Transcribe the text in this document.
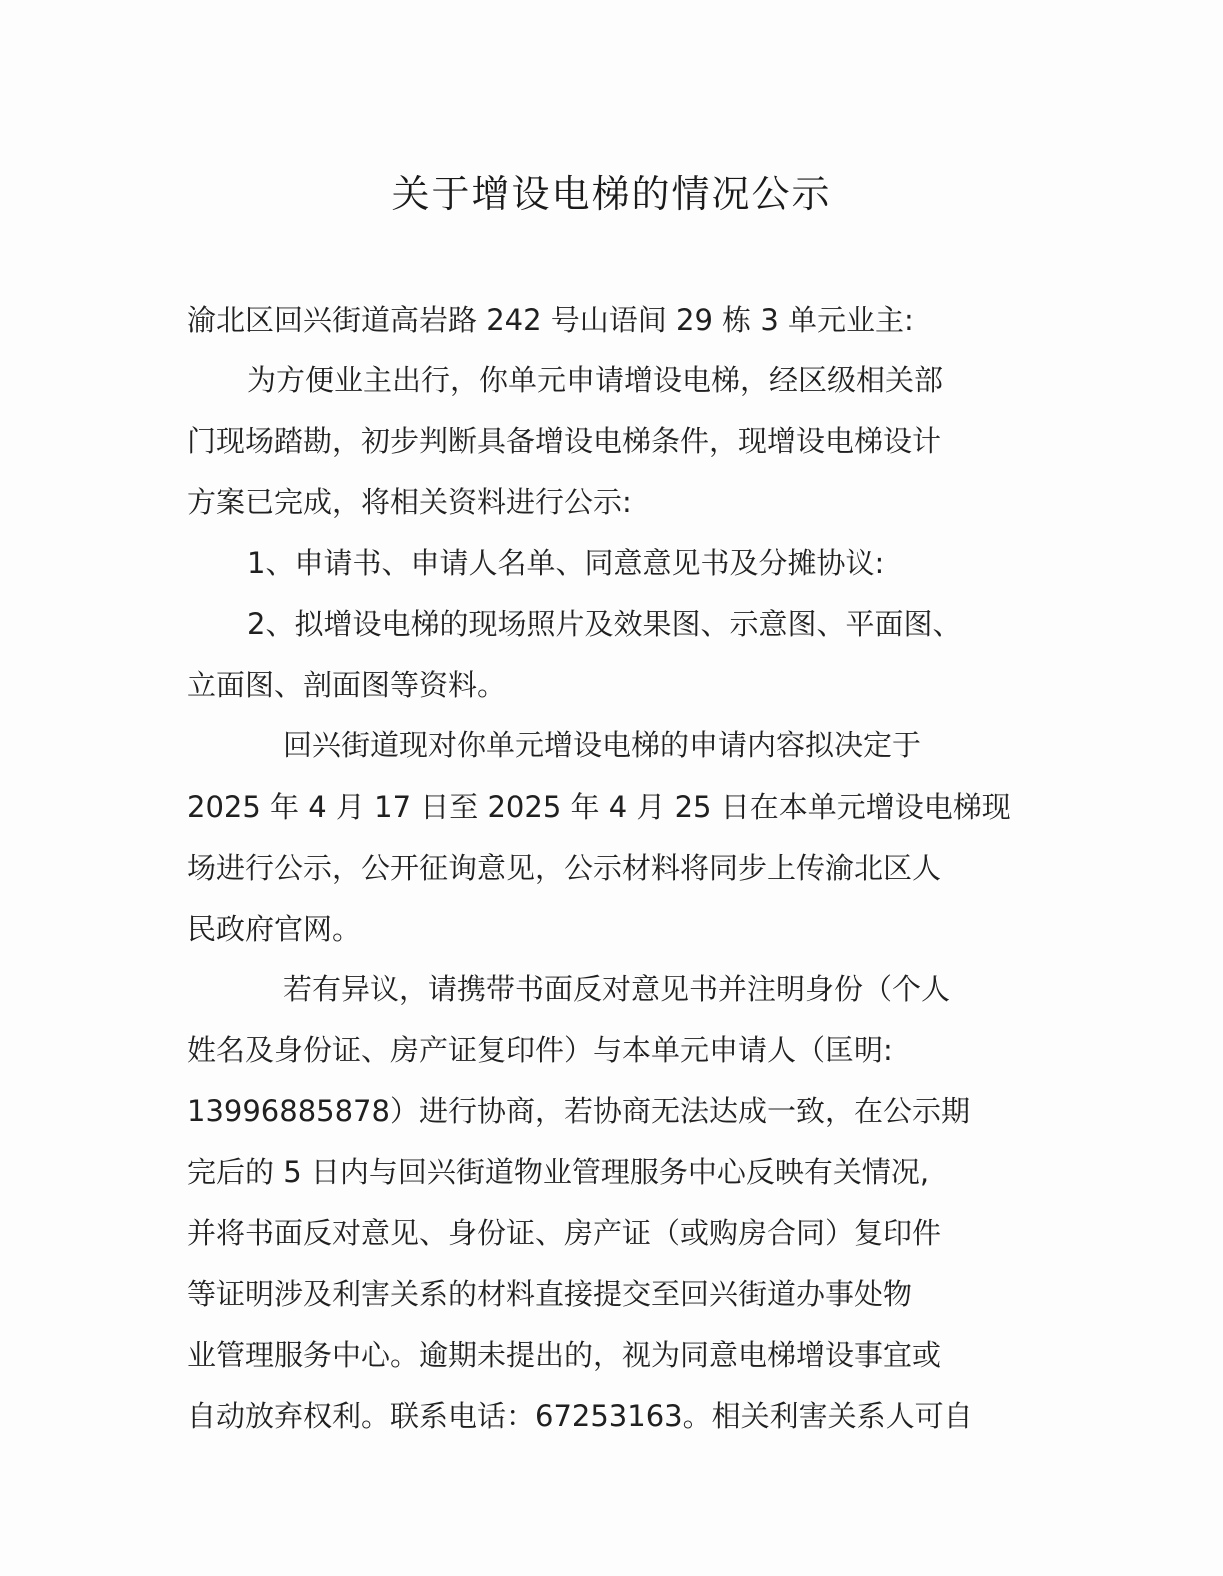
关于增设电梯的情况公示
渝北区回兴街道高岩路 242 号山语间 29 栋 3 单元业主:
为方便业主出行，你单元申请增设电梯，经区级相关部
门现场踏勘，初步判断具备增设电梯条件，现增设电梯设计
方案已完成，将相关资料进行公示:
1、申请书、申请人名单、同意意见书及分摊协议:
2、拟增设电梯的现场照片及效果图、示意图、平面图、
立面图、剖面图等资料。
回兴街道现对你单元增设电梯的申请内容拟决定于
2025 年 4 月 17 日至 2025 年 4 月 25 日在本单元增设电梯现
场进行公示，公开征询意见，公示材料将同步上传渝北区人
民政府官网。
若有异议，请携带书面反对意见书并注明身份（个人
姓名及身份证、房产证复印件）与本单元申请人（匡明:
13996885878）进行协商，若协商无法达成一致，在公示期
完后的 5 日内与回兴街道物业管理服务中心反映有关情况,
并将书面反对意见、身份证、房产证（或购房合同）复印件
等证明涉及利害关系的材料直接提交至回兴街道办事处物
业管理服务中心。逾期未提出的，视为同意电梯增设事宜或
自动放弃权利。联系电话：67253163。相关利害关系人可自
